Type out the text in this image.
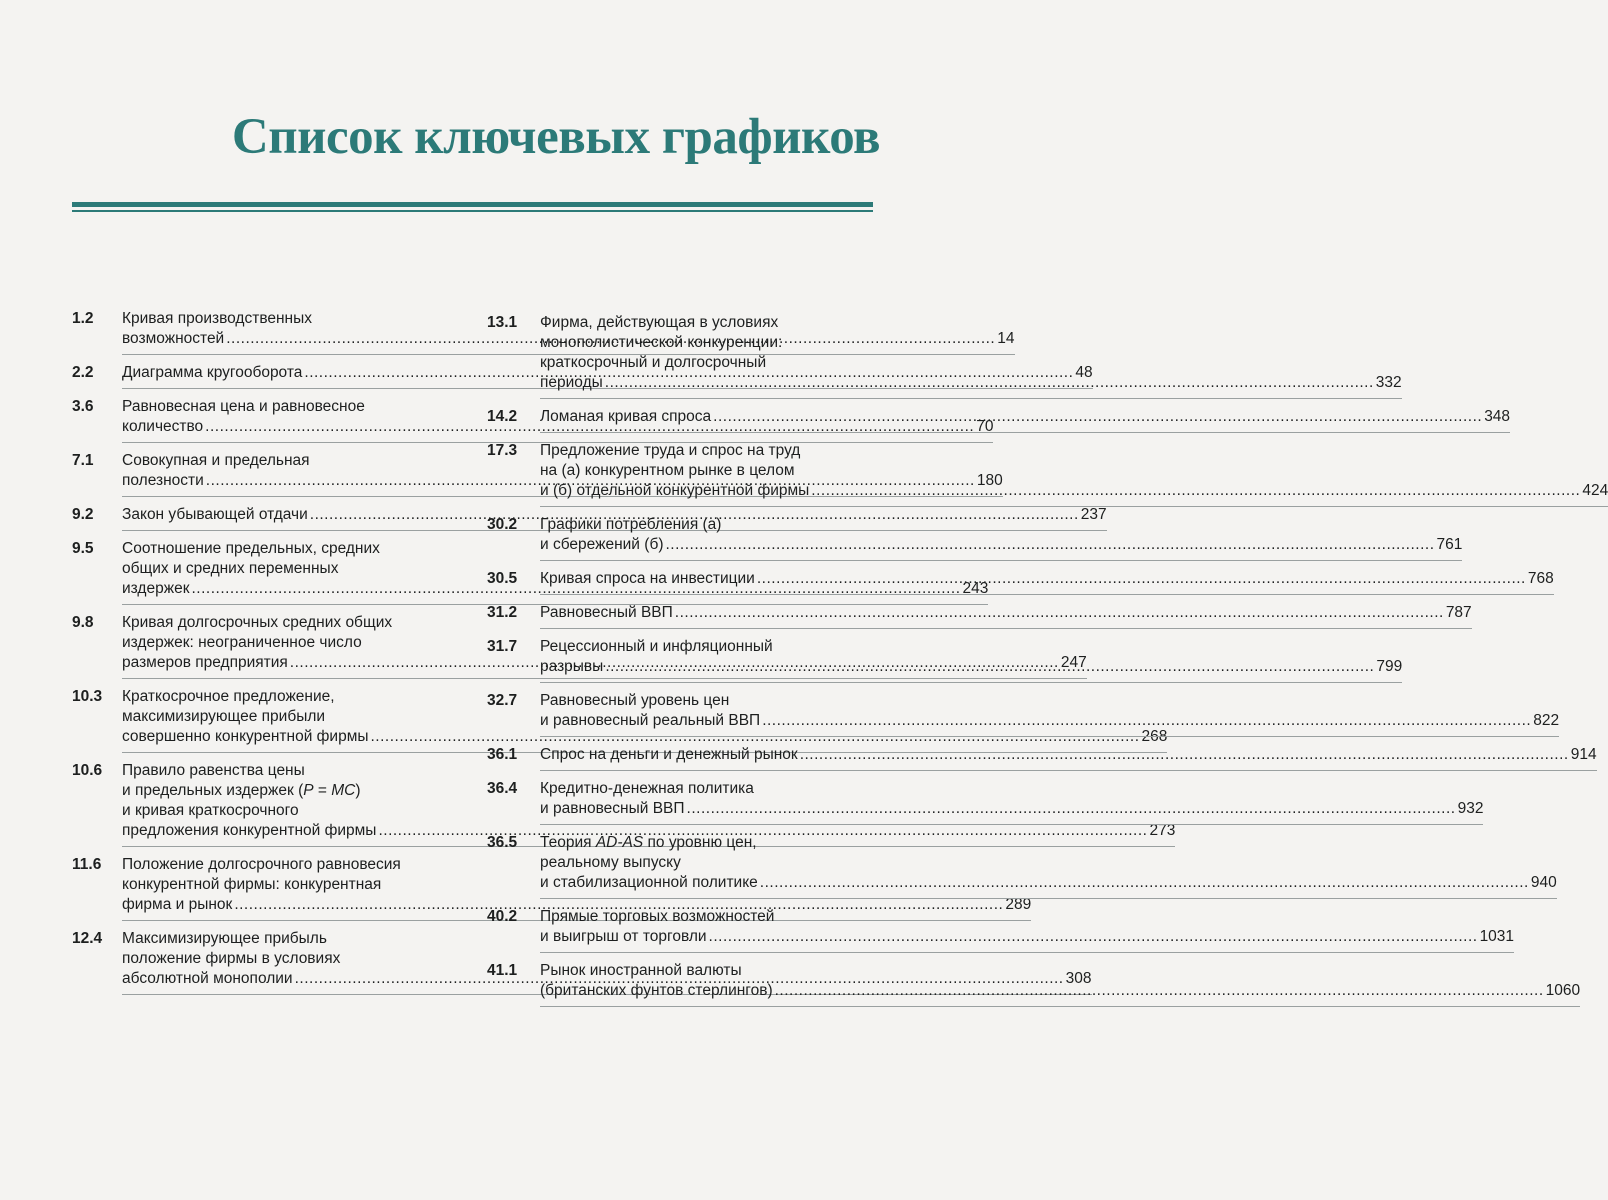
Список ключевых графиков
1.2	Кривая производственных
возможностей .....	14
2.2	Диаграмма кругооборота .....	48
3.6	Равновесная цена и равновесное
количество .....	70
7.1	Совокупная и предельная
полезности .....	180
9.2	Закон убывающей отдачи .....	237
9.5	Соотношение предельных, средних
общих и средних переменных
издержек .....	243
9.8	Кривая долгосрочных средних общих
издержек: неограниченное число
размеров предприятия .....	247
10.3	Краткосрочное предложение,
максимизирующее прибыли
совершенно конкурентной фирмы .....	268
10.6	Правило равенства цены
и предельных издержек (P = MC)
и кривая краткосрочного
предложения конкурентной фирмы .....	273
11.6	Положение долгосрочного равновесия
конкурентной фирмы: конкурентная
фирма и рынок .....	289
12.4	Максимизирующее прибыль
положение фирмы в условиях
абсолютной монополии .....	308
13.1	Фирма, действующая в условиях
монополистической конкуренции:
краткосрочный и долгосрочный
периоды .....	332
14.2	Ломаная кривая спроса .....	348
17.3	Предложение труда и спрос на труд
на (а) конкурентном рынке в целом
и (б) отдельной конкурентной фирмы .....	424
30.2	Графики потребления (а)
и сбережений (б) .....	761
30.5	Кривая спроса на инвестиции .....	768
31.2	Равновесный ВВП .....	787
31.7	Рецессионный и инфляционный
разрывы .....	799
32.7	Равновесный уровень цен
и равновесный реальный ВВП .....	822
36.1	Спрос на деньги и денежный рынок .....	914
36.4	Кредитно-денежная политика
и равновесный ВВП .....	932
36.5	Теория AD-AS по уровню цен,
реальному выпуску
и стабилизационной политике .....	940
40.2	Прямые торговых возможностей
и выигрыш от торговли .....	1031
41.1	Рынок иностранной валюты
(британских фунтов стерлингов) .....	1060
